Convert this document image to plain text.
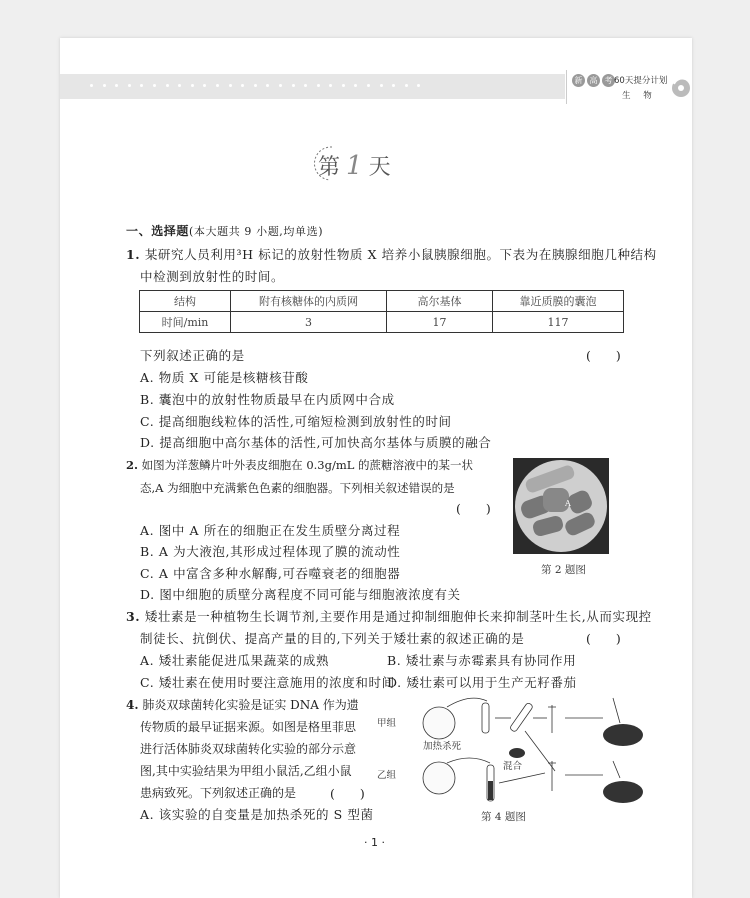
新 高 考 60天提分计划
生 物
第 1 天
一、选择题(本大题共 9 小题,均单选)
1. 某研究人员利用³H 标记的放射性物质 X 培养小鼠胰腺细胞。下表为在胰腺细胞几种结构
中检测到放射性的时间。
结构	附有核糖体的内质网	高尔基体	靠近质膜的囊泡
时间/min	3	17	117
下列叙述正确的是	(　　)
A. 物质 X 可能是核糖核苷酸
B. 囊泡中的放射性物质最早在内质网中合成
C. 提高细胞线粒体的活性,可缩短检测到放射性的时间
D. 提高细胞中高尔基体的活性,可加快高尔基体与质膜的融合
2. 如图为洋葱鳞片叶外表皮细胞在 0.3g/mL 的蔗糖溶液中的某一状
态,A 为细胞中充满紫色色素的细胞器。下列相关叙述错误的是
(　　)
A. 图中 A 所在的细胞正在发生质壁分离过程
B. A 为大液泡,其形成过程体现了膜的流动性
C. A 中富含多种水解酶,可吞噬衰老的细胞器
D. 图中细胞的质壁分离程度不同可能与细胞液浓度有关
A
第 2 题图
3. 矮壮素是一种植物生长调节剂,主要作用是通过抑制细胞伸长来抑制茎叶生长,从而实现控
制徒长、抗倒伏、提高产量的目的,下列关于矮壮素的叙述正确的是	(　　)
A. 矮壮素能促进瓜果蔬菜的成熟	B. 矮壮素与赤霉素具有协同作用
C. 矮壮素在使用时要注意施用的浓度和时间
D. 矮壮素可以用于生产无籽番茄
4. 肺炎双球菌转化实验是证实 DNA 作为遗
传物质的最早证据来源。如图是格里菲思
进行活体肺炎双球菌转化实验的部分示意
图,其中实验结果为甲组小鼠活,乙组小鼠
患病致死。下列叙述正确的是	(　　)
A. 该实验的自变量是加热杀死的 S 型菌
甲组
乙组
加热杀死
混合
第 4 题图
· 1 ·
